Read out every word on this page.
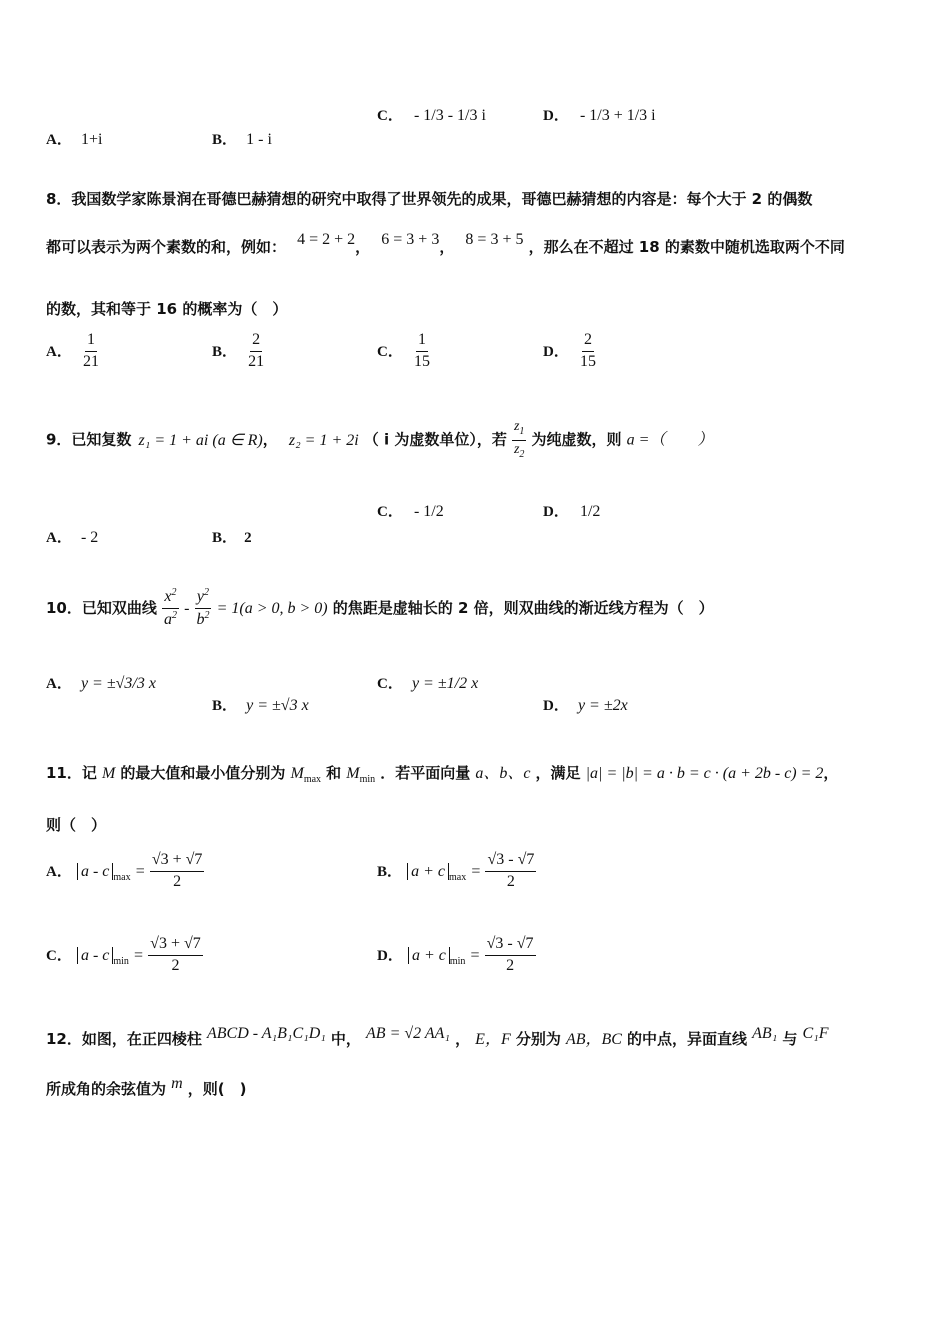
A． 1+i	B． 1 - i
C． - 1/3 - 1/3 i	D． - 1/3 + 1/3 i
8．我国数学家陈景润在哥德巴赫猜想的研究中取得了世界领先的成果，哥德巴赫猜想的内容是：每个大于 2 的偶数
都可以表示为两个素数的和，例如： 4 = 2 + 2， 6 = 3 + 3， 8 = 3 + 5 ，那么在不超过 18 的素数中随机选取两个不同
的数，其和等于 16 的概率为（　）
A． $\frac{1}{21}$	B． $\frac{2}{21}$	C． $\frac{1}{15}$	D． $\frac{2}{15}$
9．已知复数 z₁ = 1 + ai (a ∈ R)， z₂ = 1 + 2i （ i 为虚数单位），若 $\frac{z_1}{z_2}$ 为纯虚数，则 a =（　　）
A． - 2	B． 2
C． - 1/2	D． 1/2
10．已知双曲线 $\frac{x^2}{a^2} - \frac{y^2}{b^2} = 1(a > 0$, b > 0) 的焦距是虚轴长的 2 倍，则双曲线的渐近线方程为（　）
A． y = ±√3/3 x
B． y = ±√3 x
C． y = ±1/2 x
D． y = ±2x
11．记 M 的最大值和最小值分别为 $M_{max}$ 和 $M_{min}$ ．若平面向量 a、b、c ，满足 |a| = |b| = a · b = c · (a + 2b - c) = 2，
则（　）
A． a - c $_{max} = \frac{√3 + √7}{2}$	B． a + c $_{max} = \frac{√3 - √7}{2}$
C． a - c $_{min} = \frac{√3 + √7}{2}$	D． a + c $_{min} = \frac{√3 - √7}{2}$
12．如图，在正四棱柱 ABCD - A₁B₁C₁D₁ 中， AB = √2 AA₁ ， E，F 分别为 AB，BC 的中点，异面直线 AB₁ 与 C₁F
所成角的余弦值为 m ，则(　)
